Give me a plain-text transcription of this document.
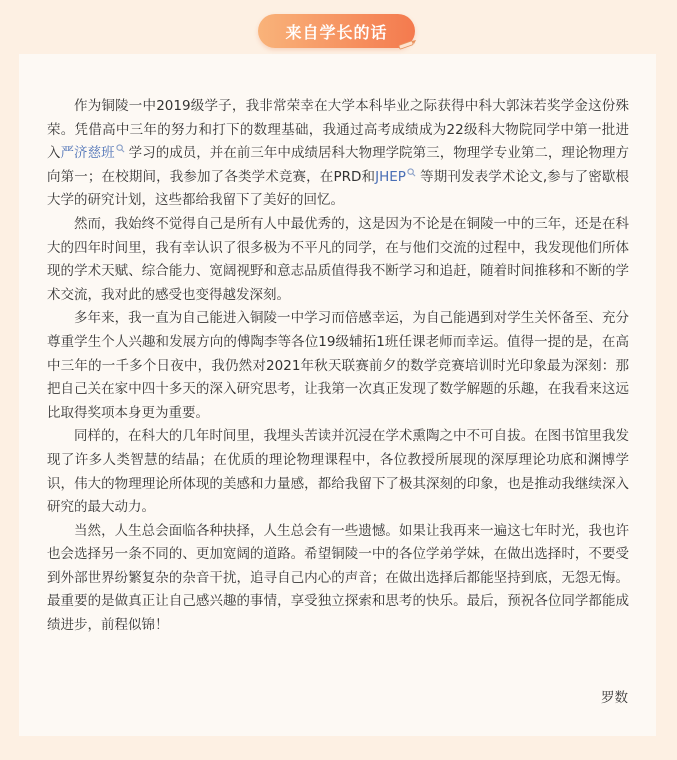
来自学长的话

作为铜陵一中2019级学子，我非常荣幸在大学本科毕业之际获得中科大郭沫若奖学金这份殊荣。凭借高中三年的努力和打下的数理基础，我通过高考成绩成为22级科大物院同学中第一批进入严济慈班 学习的成员，并在前三年中成绩居科大物理学院第三，物理学专业第二，理论物理方向第一；在校期间，我参加了各类学术竞赛，在PRD和JHEP 等期刊发表学术论文,参与了密歇根大学的研究计划，这些都给我留下了美好的回忆。

然而，我始终不觉得自己是所有人中最优秀的，这是因为不论是在铜陵一中的三年，还是在科大的四年时间里，我有幸认识了很多极为不平凡的同学，在与他们交流的过程中，我发现他们所体现的学术天赋、综合能力、宽阔视野和意志品质值得我不断学习和追赶，随着时间推移和不断的学术交流，我对此的感受也变得越发深刻。

多年来，我一直为自己能进入铜陵一中学习而倍感幸运，为自己能遇到对学生关怀备至、充分尊重学生个人兴趣和发展方向的傅陶李等各位19级辅拓1班任课老师而幸运。值得一提的是，在高中三年的一千多个日夜中，我仍然对2021年秋天联赛前夕的数学竞赛培训时光印象最为深刻：那把自己关在家中四十多天的深入研究思考，让我第一次真正发现了数学解题的乐趣，在我看来这远比取得奖项本身更为重要。

同样的，在科大的几年时间里，我埋头苦读并沉浸在学术熏陶之中不可自拔。在图书馆里我发现了许多人类智慧的结晶；在优质的理论物理课程中，各位教授所展现的深厚理论功底和渊博学识，伟大的物理理论所体现的美感和力量感，都给我留下了极其深刻的印象，也是推动我继续深入研究的最大动力。

当然，人生总会面临各种抉择，人生总会有一些遗憾。如果让我再来一遍这七年时光，我也许也会选择另一条不同的、更加宽阔的道路。希望铜陵一中的各位学弟学妹，在做出选择时，不要受到外部世界纷繁复杂的杂音干扰，追寻自己内心的声音；在做出选择后都能坚持到底，无怨无悔。最重要的是做真正让自己感兴趣的事情，享受独立探索和思考的快乐。最后，预祝各位同学都能成绩进步，前程似锦！

罗数
